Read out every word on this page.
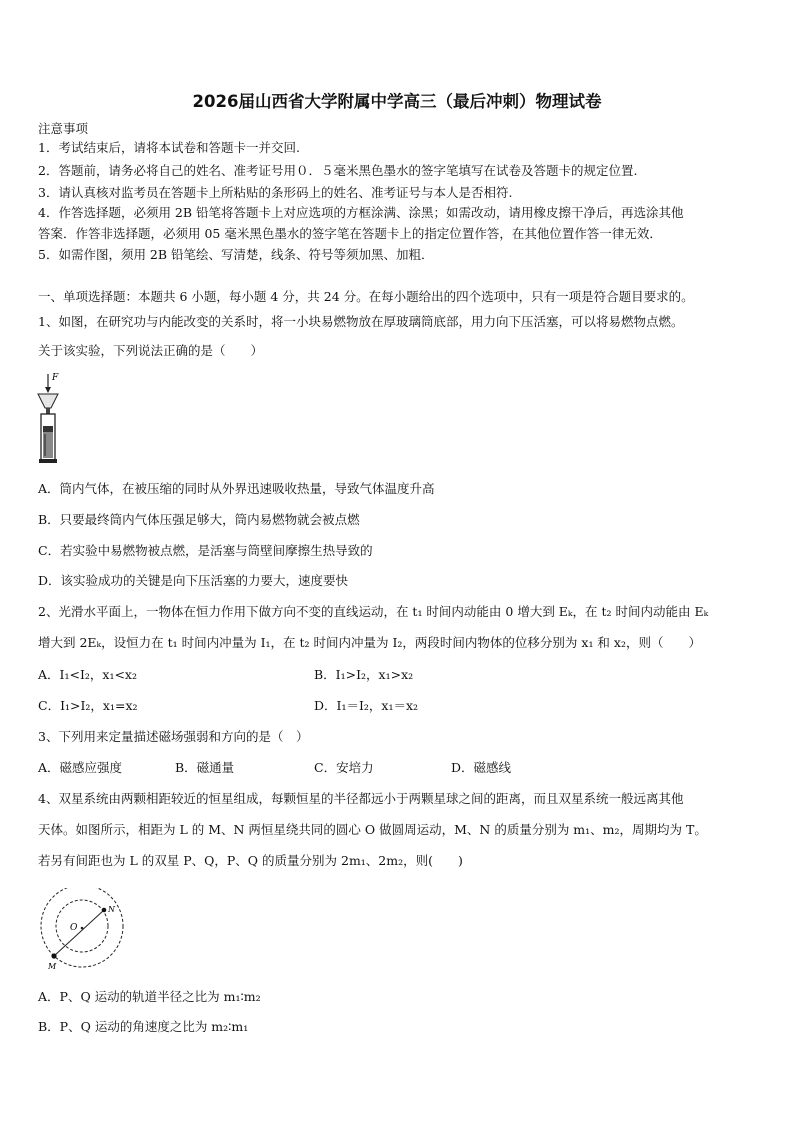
2026届山西省大学附属中学高三（最后冲刺）物理试卷
注意事项
1．考试结束后，请将本试卷和答题卡一并交回.
2．答题前，请务必将自己的姓名、准考证号用０．５毫米黑色墨水的签字笔填写在试卷及答题卡的规定位置.
3．请认真核对监考员在答题卡上所粘贴的条形码上的姓名、准考证号与本人是否相符.
4．作答选择题，必须用 2B 铅笔将答题卡上对应选项的方框涂满、涂黑；如需改动，请用橡皮擦干净后，再选涂其他
答案．作答非选择题，必须用 05 毫米黑色墨水的签字笔在答题卡上的指定位置作答，在其他位置作答一律无效．
5．如需作图，须用 2B 铅笔绘、写清楚，线条、符号等须加黑、加粗．
一、单项选择题：本题共 6 小题，每小题 4 分，共 24 分。在每小题给出的四个选项中，只有一项是符合题目要求的。
1、如图，在研究功与内能改变的关系时，将一小块易燃物放在厚玻璃筒底部，用力向下压活塞，可以将易燃物点燃。
关于该实验，下列说法正确的是（　　）
F
A．筒内气体，在被压缩的同时从外界迅速吸收热量，导致气体温度升高
B．只要最终筒内气体压强足够大，筒内易燃物就会被点燃
C．若实验中易燃物被点燃，是活塞与筒壁间摩擦生热导致的
D．该实验成功的关键是向下压活塞的力要大，速度要快
2、光滑水平面上，一物体在恒力作用下做方向不变的直线运动，在 t₁ 时间内动能由 0 增大到 Eₖ，在 t₂ 时间内动能由 Eₖ
增大到 2Eₖ，设恒力在 t₁ 时间内冲量为 I₁，在 t₂ 时间内冲量为 I₂，两段时间内物体的位移分别为 x₁ 和 x₂，则（　　）
A．I₁<I₂，x₁<x₂	B．I₁>I₂，x₁>x₂
C．I₁>I₂，x₁=x₂	D．I₁＝I₂，x₁＝x₂
3、下列用来定量描述磁场强弱和方向的是（　）
A．磁感应强度	B．磁通量	C．安培力	D．磁感线
4、双星系统由两颗相距较近的恒星组成，每颗恒星的半径都远小于两颗星球之间的距离，而且双星系统一般远离其他
天体。如图所示，相距为 L 的 M、N 两恒星绕共同的圆心 O 做圆周运动，M、N 的质量分别为 m₁、m₂，周期均为 T。
若另有间距也为 L 的双星 P、Q，P、Q 的质量分别为 2m₁、2m₂，则(　　)
O
N
M
A．P、Q 运动的轨道半径之比为 m₁∶m₂
B．P、Q 运动的角速度之比为 m₂∶m₁
